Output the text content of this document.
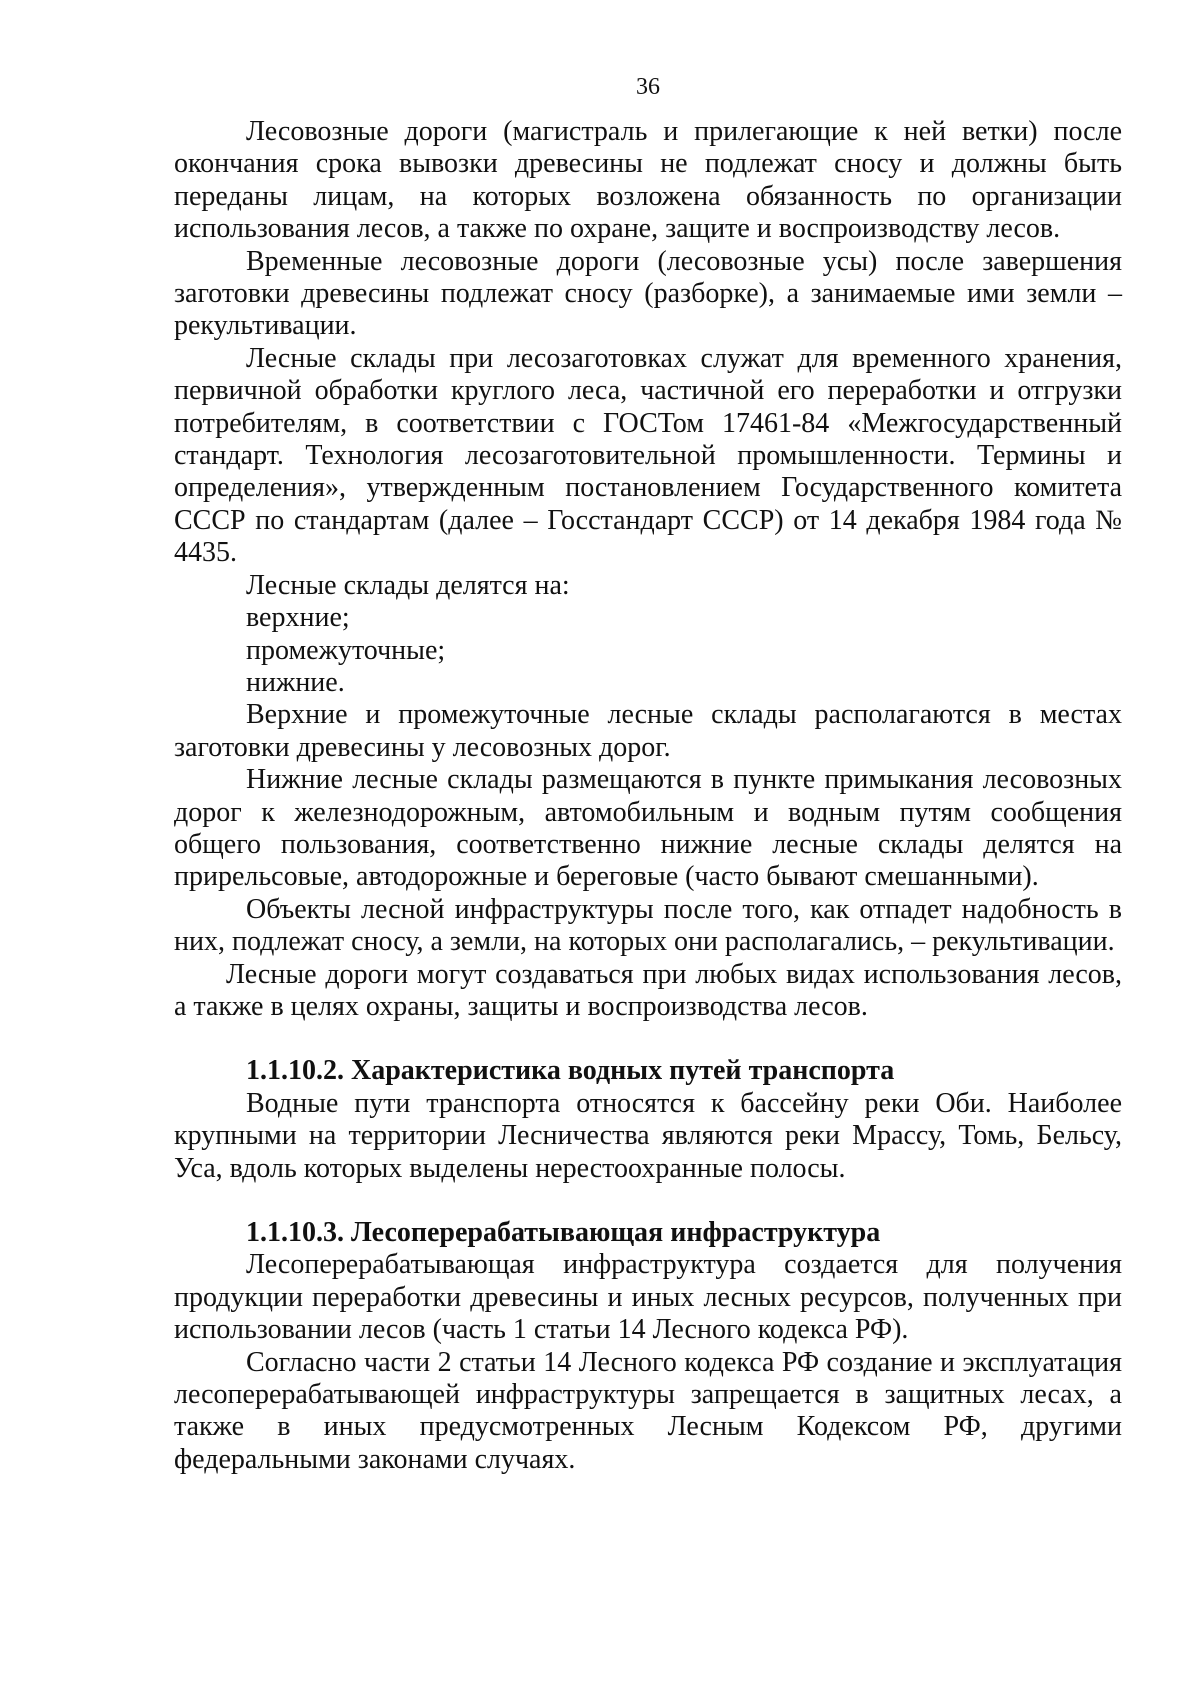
36

Лесовозные дороги (магистраль и прилегающие к ней ветки) после окончания срока вывозки древесины не подлежат сносу и должны быть переданы лицам, на которых возложена обязанность по организации использования лесов, а также по охране, защите и воспроизводству лесов.

Временные лесовозные дороги (лесовозные усы) после завершения заготовки древесины подлежат сносу (разборке), а занимаемые ими земли – рекультивации.

Лесные склады при лесозаготовках служат для временного хранения, первичной обработки круглого леса, частичной его переработки и отгрузки потребителям, в соответствии с ГОСТом 17461-84 «Межгосударственный стандарт. Технология лесозаготовительной промышленности. Термины и определения», утвержденным постановлением Государственного комитета СССР по стандартам (далее – Госстандарт СССР) от 14 декабря 1984 года № 4435.

Лесные склады делятся на:

верхние;

промежуточные;

нижние.

Верхние и промежуточные лесные склады располагаются в местах заготовки древесины у лесовозных дорог.

Нижние лесные склады размещаются в пункте примыкания лесовозных дорог к железнодорожным, автомобильным и водным путям сообщения общего пользования, соответственно нижние лесные склады делятся на прирельсовые, автодорожные и береговые (часто бывают смешанными).

Объекты лесной инфраструктуры после того, как отпадет надобность в них, подлежат сносу, а земли, на которых они располагались, – рекультивации.

Лесные дороги могут создаваться при любых видах использования лесов, а также в целях охраны, защиты и воспроизводства лесов.

1.1.10.2. Характеристика водных путей транспорта

Водные пути транспорта относятся к бассейну реки Оби. Наиболее крупными на территории Лесничества являются реки Мрассу, Томь, Бельсу, Уса, вдоль которых выделены нерестоохранные полосы.

1.1.10.3. Лесоперерабатывающая инфраструктура

Лесоперерабатывающая инфраструктура создается для получения продукции переработки древесины и иных лесных ресурсов, полученных при использовании лесов (часть 1 статьи 14 Лесного кодекса РФ).

Согласно части 2 статьи 14 Лесного кодекса РФ создание и эксплуатация лесоперерабатывающей инфраструктуры запрещается в защитных лесах, а также в иных предусмотренных Лесным Кодексом РФ, другими федеральными законами случаях.
